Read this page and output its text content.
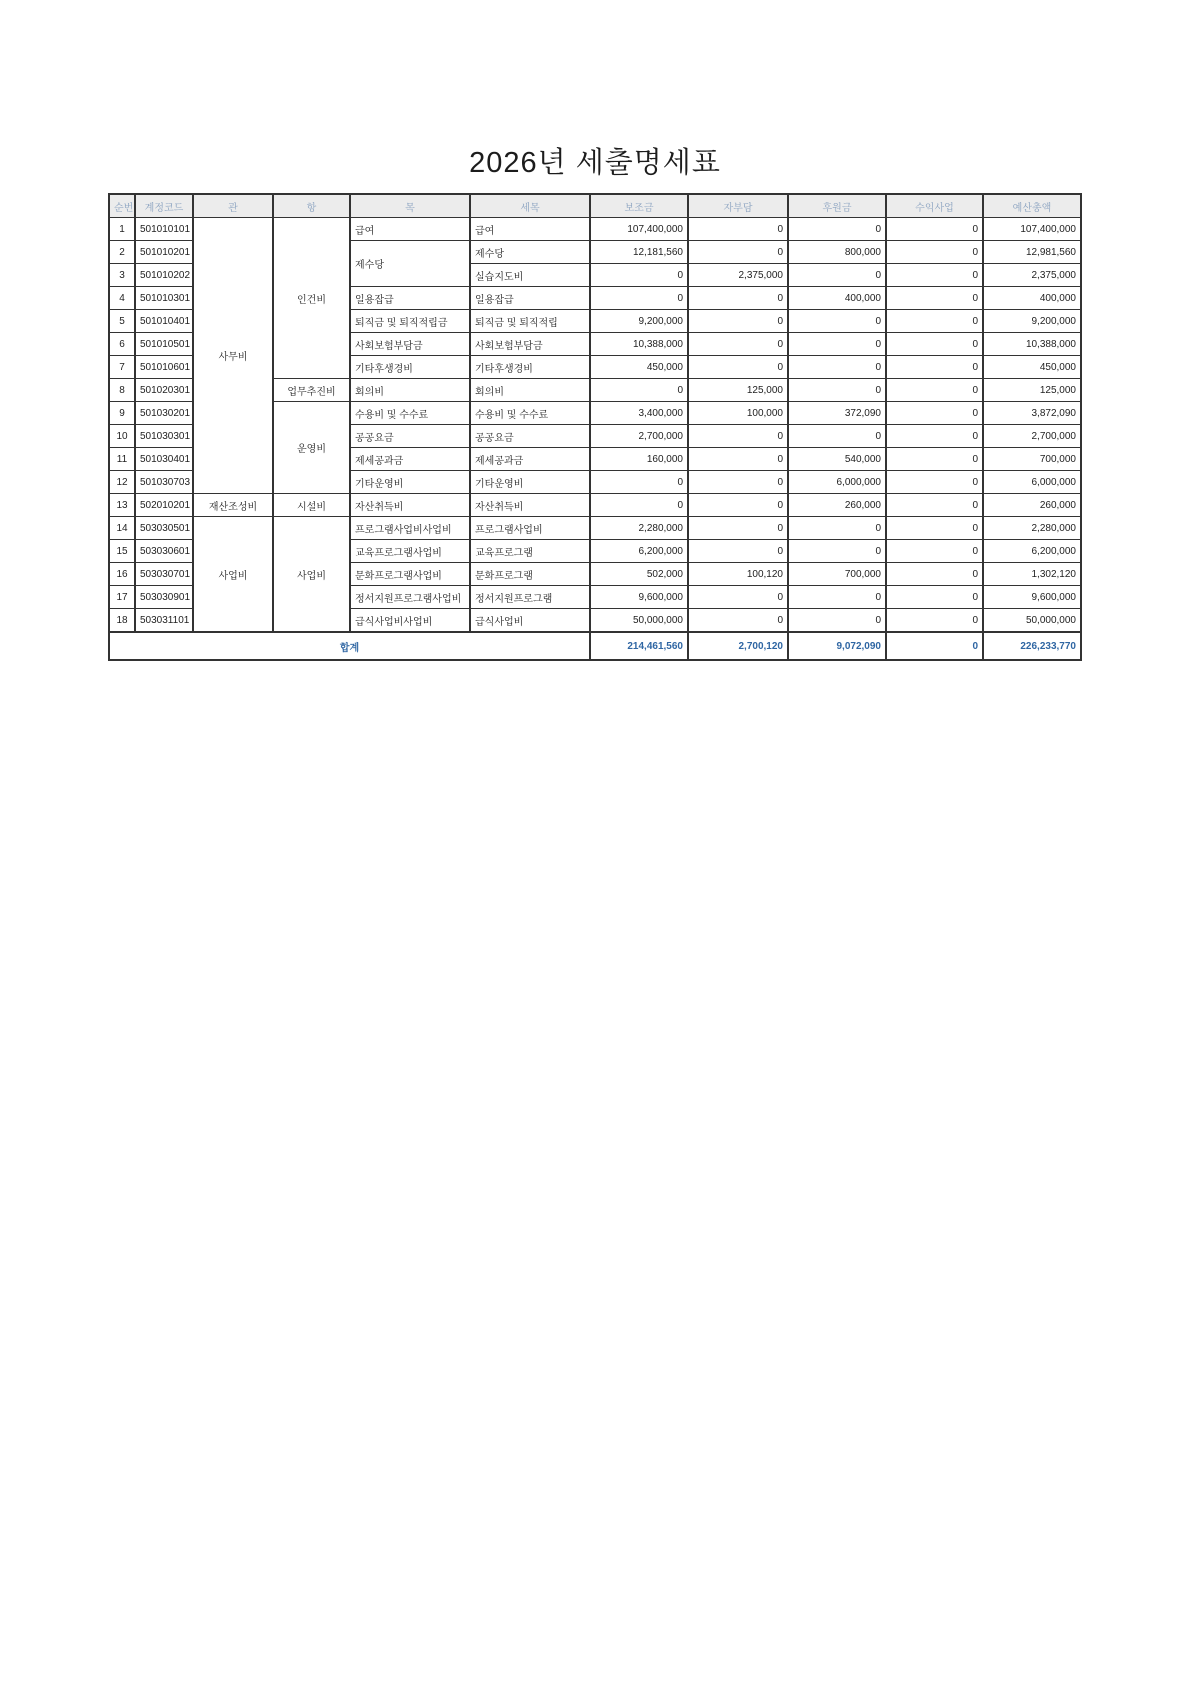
2026년 세출명세표
순번	계정코드	관	항	목	세목	보조금	자부담	후원금	수익사업	예산총액
1	501010101	사무비	인건비	급여	급여	107,400,000	0	0	0	107,400,000
2	501010201			제수당	제수당	12,181,560	0	800,000	0	12,981,560
3	501010202				실습지도비	0	2,375,000	0	0	2,375,000
4	501010301			일용잡급	일용잡급	0	0	400,000	0	400,000
5	501010401			퇴직금 및 퇴직적립금	퇴직금 및 퇴직적립	9,200,000	0	0	0	9,200,000
6	501010501			사회보험부담금	사회보험부담금	10,388,000	0	0	0	10,388,000
7	501010601			기타후생경비	기타후생경비	450,000	0	0	0	450,000
8	501020301		업무추진비	회의비	회의비	0	125,000	0	0	125,000
9	501030201		운영비	수용비 및 수수료	수용비 및 수수료	3,400,000	100,000	372,090	0	3,872,090
10	501030301			공공요금	공공요금	2,700,000	0	0	0	2,700,000
11	501030401			제세공과금	제세공과금	160,000	0	540,000	0	700,000
12	501030703			기타운영비	기타운영비	0	0	6,000,000	0	6,000,000
13	502010201	재산조성비	시설비	자산취득비	자산취득비	0	0	260,000	0	260,000
14	503030501	사업비	사업비	프로그램사업비사업비	프로그램사업비	2,280,000	0	0	0	2,280,000
15	503030601			교육프로그램사업비	교육프로그램	6,200,000	0	0	0	6,200,000
16	503030701			문화프로그램사업비	문화프로그램	502,000	100,120	700,000	0	1,302,120
17	503030901			정서지원프로그램사업비	정서지원프로그램	9,600,000	0	0	0	9,600,000
18	503031101			급식사업비사업비	급식사업비	50,000,000	0	0	0	50,000,000
합계						214,461,560	2,700,120	9,072,090	0	226,233,770
